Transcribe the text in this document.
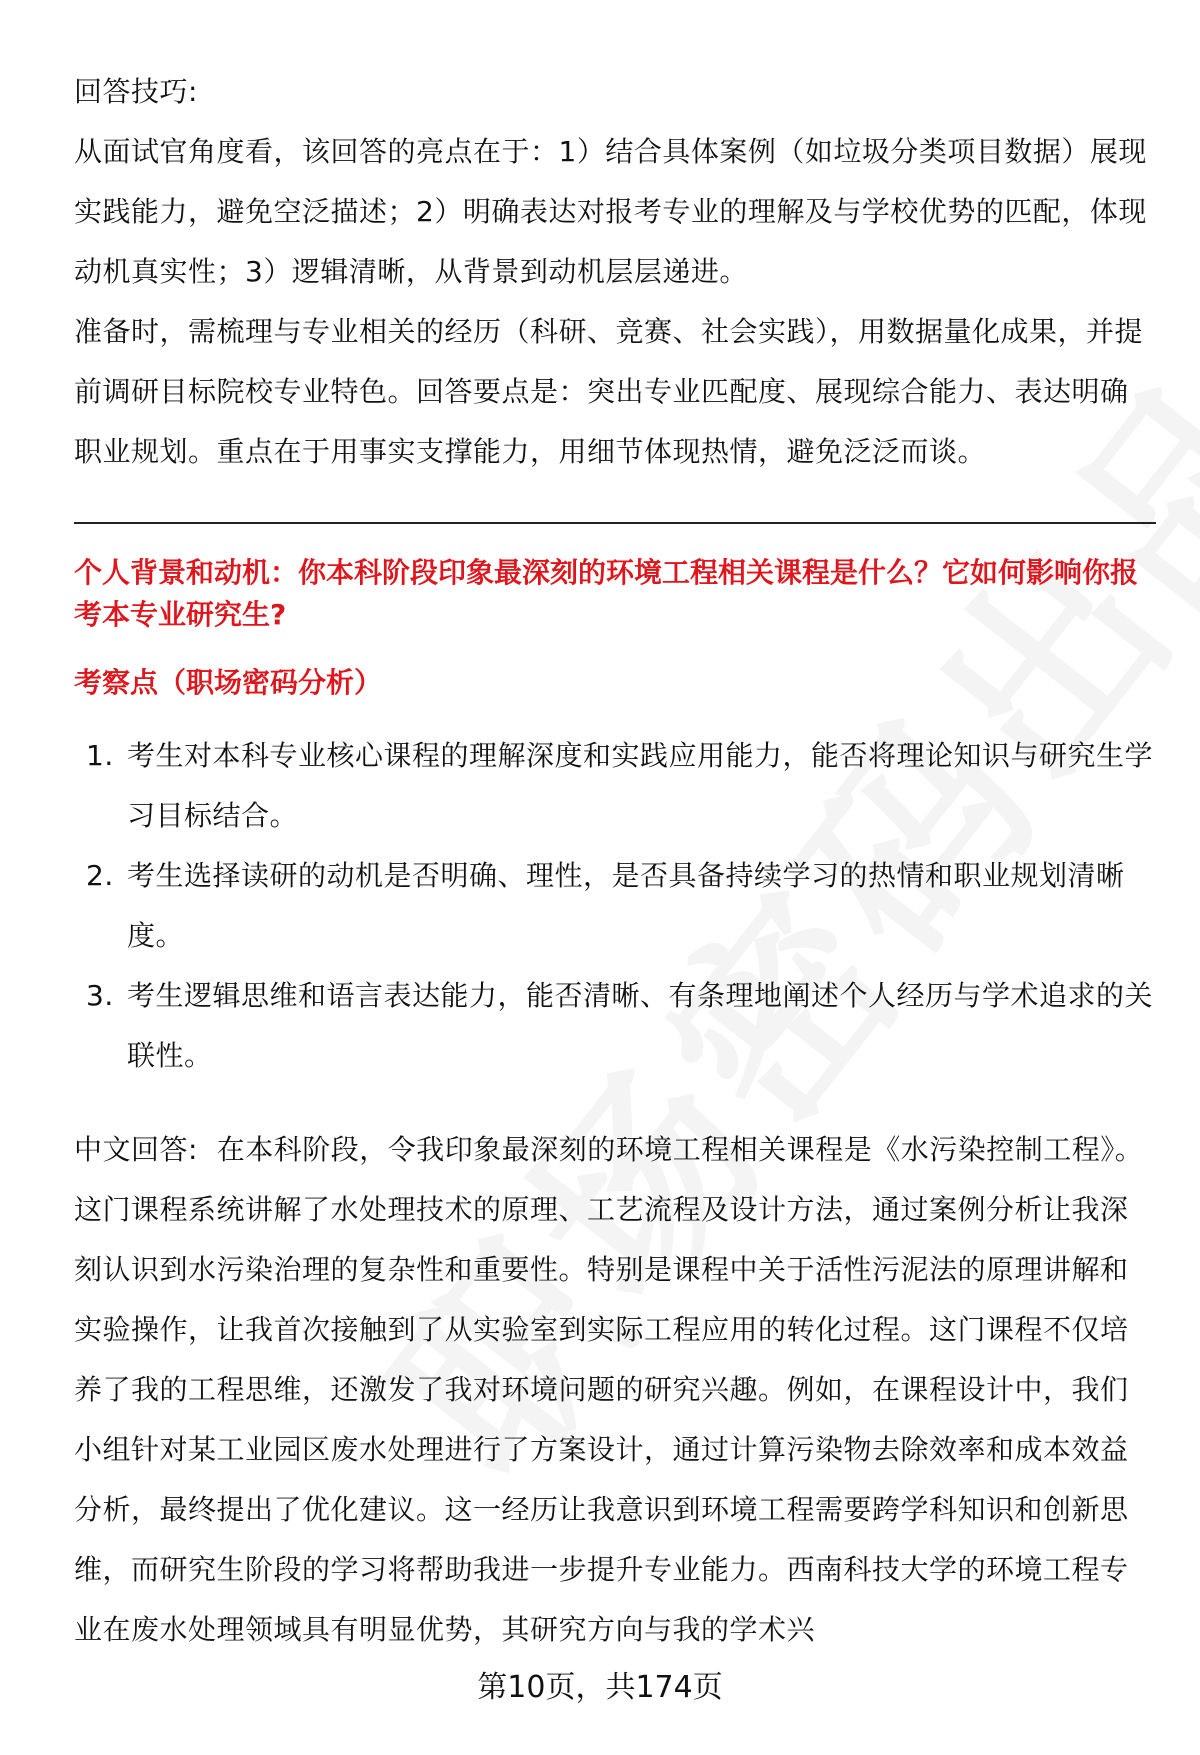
回答技巧:

从面试官角度看，该回答的亮点在于：1）结合具体案例（如垃圾分类项目数据）展现实践能力，避免空泛描述；2）明确表达对报考专业的理解及与学校优势的匹配，体现动机真实性；3）逻辑清晰，从背景到动机层层递进。

准备时，需梳理与专业相关的经历（科研、竞赛、社会实践），用数据量化成果，并提前调研目标院校专业特色。回答要点是：突出专业匹配度、展现综合能力、表达明确职业规划。重点在于用事实支撑能力，用细节体现热情，避免泛泛而谈。

个人背景和动机：你本科阶段印象最深刻的环境工程相关课程是什么？它如何影响你报考本专业研究生?

考察点（职场密码分析）

1. 考生对本科专业核心课程的理解深度和实践应用能力，能否将理论知识与研究生学习目标结合。
2. 考生选择读研的动机是否明确、理性，是否具备持续学习的热情和职业规划清晰度。
3. 考生逻辑思维和语言表达能力，能否清晰、有条理地阐述个人经历与学术追求的关联性。

中文回答: 在本科阶段，令我印象最深刻的环境工程相关课程是《水污染控制工程》。这门课程系统讲解了水处理技术的原理、工艺流程及设计方法，通过案例分析让我深刻认识到水污染治理的复杂性和重要性。特别是课程中关于活性污泥法的原理讲解和实验操作，让我首次接触到了从实验室到实际工程应用的转化过程。这门课程不仅培养了我的工程思维，还激发了我对环境问题的研究兴趣。例如，在课程设计中，我们小组针对某工业园区废水处理进行了方案设计，通过计算污染物去除效率和成本效益分析，最终提出了优化建议。这一经历让我意识到环境工程需要跨学科知识和创新思维，而研究生阶段的学习将帮助我进一步提升专业能力。西南科技大学的环境工程专业在废水处理领域具有明显优势，其研究方向与我的学术兴

第10页，共174页
